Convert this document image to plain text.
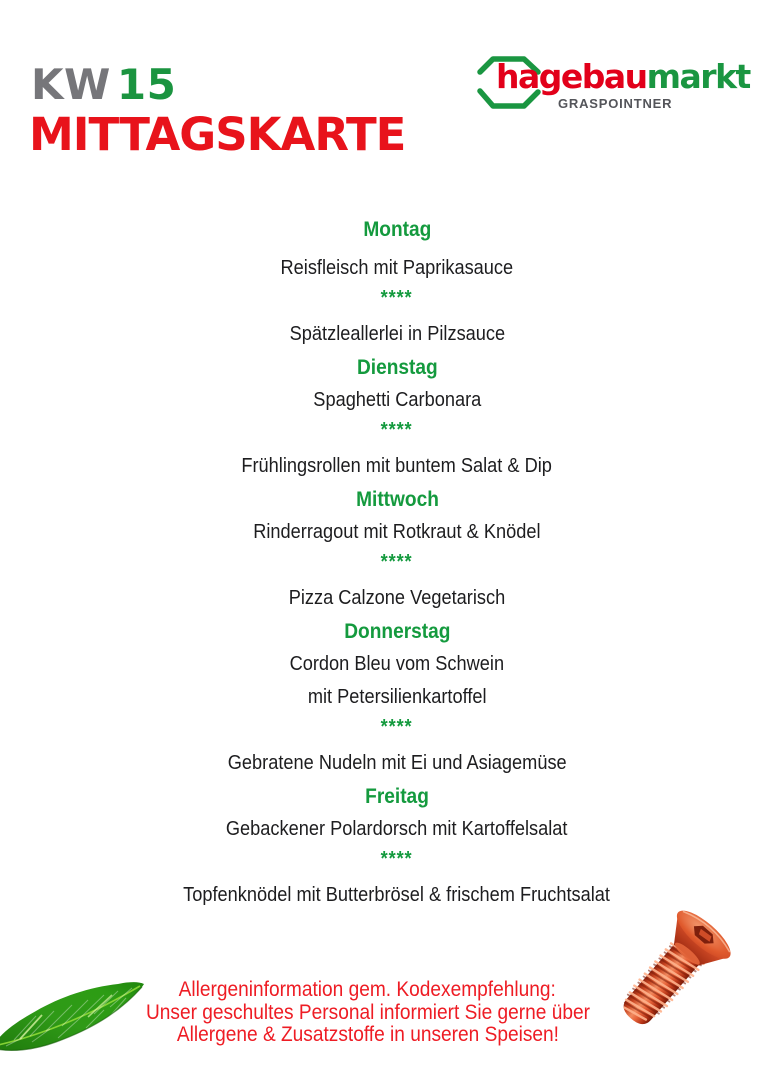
KW 15
MITTAGSKARTE
hagebaumarkt
GRASPOINTNER
Montag
Reisfleisch mit Paprikasauce
****
Spätzleallerlei in Pilzsauce
Dienstag
Spaghetti Carbonara
****
Frühlingsrollen mit buntem Salat & Dip
Mittwoch
Rinderragout mit Rotkraut & Knödel
****
Pizza Calzone Vegetarisch
Donnerstag
Cordon Bleu vom Schwein
mit Petersilienkartoffel
****
Gebratene Nudeln mit Ei und Asiagemüse
Freitag
Gebackener Polardorsch mit Kartoffelsalat
****
Topfenknödel mit Butterbrösel & frischem Fruchtsalat
Allergeninformation gem. Kodexempfehlung:
Unser geschultes Personal informiert Sie gerne über
Allergene & Zusatzstoffe in unseren Speisen!
